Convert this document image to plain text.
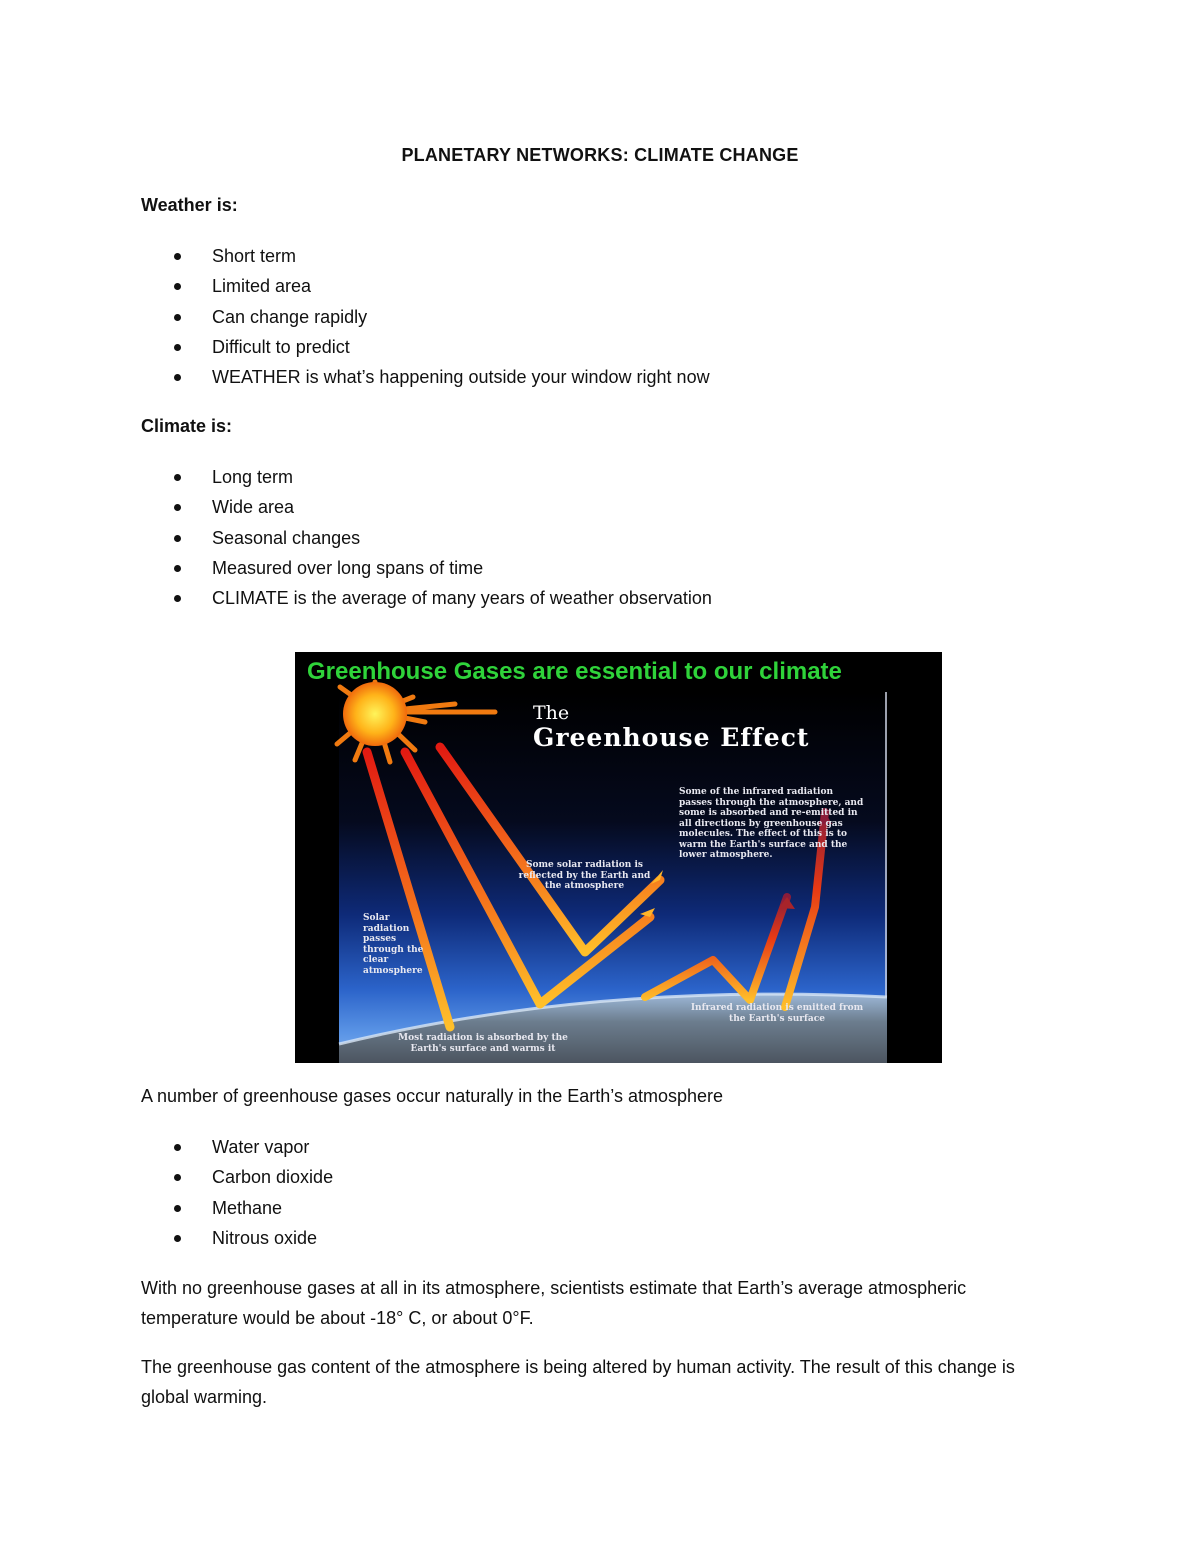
PLANETARY NETWORKS: CLIMATE CHANGE
Weather is:
Short term
Limited area
Can change rapidly
Difficult to predict
WEATHER is what’s happening outside your window right now
Climate is:
Long term
Wide area
Seasonal changes
Measured over long spans of time
CLIMATE is the average of many years of weather observation
Greenhouse Gases are essential to our climate
The
Greenhouse Effect
Some of the infrared radiation passes through the atmosphere, and some is absorbed and re-emitted in all directions by greenhouse gas molecules. The effect of this is to warm the Earth's surface and the lower atmosphere.
Some solar radiation is reflected by the Earth and the atmosphere
Solar radiation passes through the clear atmosphere
Infrared radiation is emitted from the Earth's surface
Most radiation is absorbed by the Earth's surface and warms it
A number of greenhouse gases occur naturally in the Earth’s atmosphere
Water vapor
Carbon dioxide
Methane
Nitrous oxide
With no greenhouse gases at all in its atmosphere, scientists estimate that Earth’s average atmospheric temperature would be about -18° C, or about 0°F.
The greenhouse gas content of the atmosphere is being altered by human activity. The result of this change is global warming.
